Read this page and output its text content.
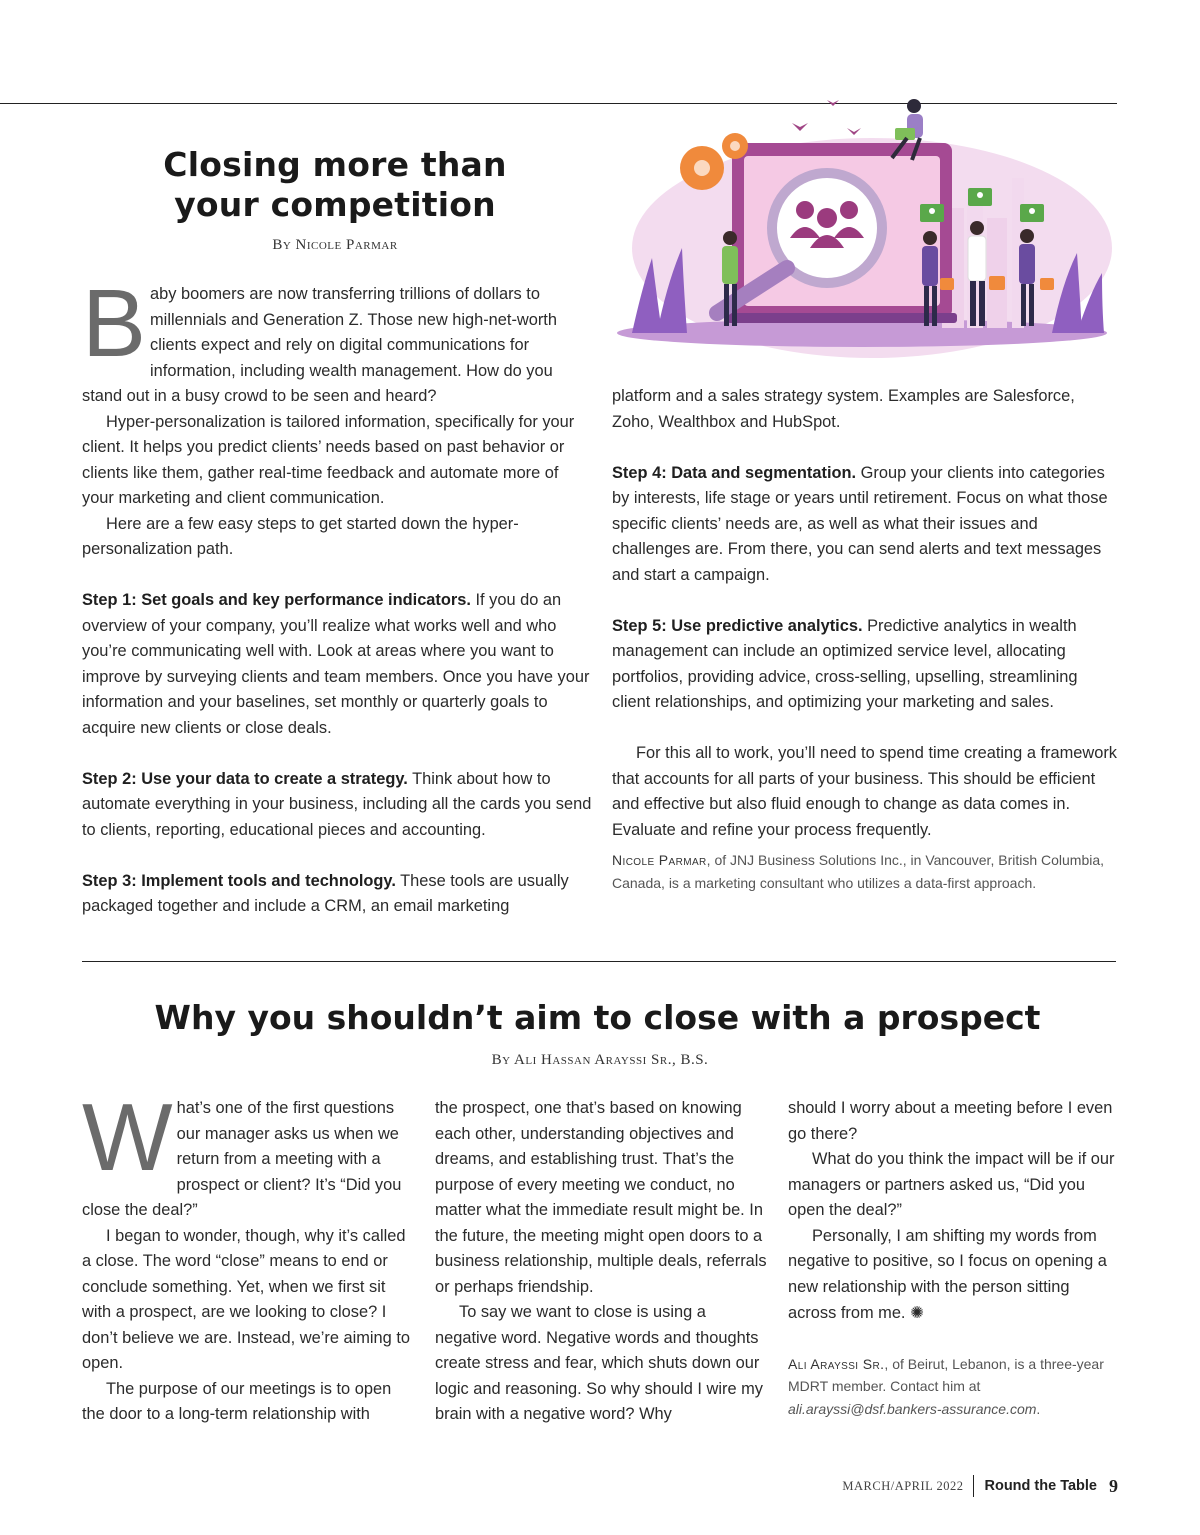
Closing more than
your competition
By Nicole Parmar

Baby boomers are now transferring trillions of dollars to millennials and Generation Z. Those new high-net-worth clients expect and rely on digital communications for information, including wealth management. How do you stand out in a busy crowd to be seen and heard?

Hyper-personalization is tailored information, specifically for your client. It helps you predict clients’ needs based on past behavior or clients like them, gather real-time feedback and automate more of your marketing and client communication.

Here are a few easy steps to get started down the hyper-personalization path.

Step 1: Set goals and key performance indicators. If you do an overview of your company, you’ll realize what works well and who you’re communicating well with. Look at areas where you want to improve by surveying clients and team members. Once you have your information and your baselines, set monthly or quarterly goals to acquire new clients or close deals.

Step 2: Use your data to create a strategy. Think about how to automate everything in your business, including all the cards you send to clients, reporting, educational pieces and accounting.

Step 3: Implement tools and technology. These tools are usually packaged together and include a CRM, an email marketing

platform and a sales strategy system. Examples are Salesforce, Zoho, Wealthbox and HubSpot.

Step 4: Data and segmentation. Group your clients into categories by interests, life stage or years until retirement. Focus on what those specific clients’ needs are, as well as what their issues and challenges are. From there, you can send alerts and text messages and start a campaign.

Step 5: Use predictive analytics. Predictive analytics in wealth management can include an optimized service level, allocating portfolios, providing advice, cross-selling, upselling, streamlining client relationships, and optimizing your marketing and sales.

For this all to work, you’ll need to spend time creating a framework that accounts for all parts of your business. This should be efficient and effective but also fluid enough to change as data comes in. Evaluate and refine your process frequently.

Nicole Parmar, of JNJ Business Solutions Inc., in Vancouver, British Columbia, Canada, is a marketing consultant who utilizes a data-first approach.

Why you shouldn’t aim to close with a prospect
By Ali Hassan Arayssi Sr., B.S.

What’s one of the first questions our manager asks us when we return from a meeting with a prospect or client? It’s “Did you close the deal?”

I began to wonder, though, why it’s called a close. The word “close” means to end or conclude something. Yet, when we first sit with a prospect, are we looking to close? I don’t believe we are. Instead, we’re aiming to open.

The purpose of our meetings is to open the door to a long-term relationship with

the prospect, one that’s based on knowing each other, understanding objectives and dreams, and establishing trust. That’s the purpose of every meeting we conduct, no matter what the immediate result might be. In the future, the meeting might open doors to a business relationship, multiple deals, referrals or perhaps friendship.

To say we want to close is using a negative word. Negative words and thoughts create stress and fear, which shuts down our logic and reasoning. So why should I wire my brain with a negative word? Why

should I worry about a meeting before I even go there?

What do you think the impact will be if our managers or partners asked us, “Did you open the deal?”

Personally, I am shifting my words from negative to positive, so I focus on opening a new relationship with the person sitting across from me. ✺

Ali Arayssi Sr., of Beirut, Lebanon, is a three-year MDRT member. Contact him at ali.arayssi@dsf.bankers-assurance.com.

MARCH/APRIL 2022 Round the Table 9
